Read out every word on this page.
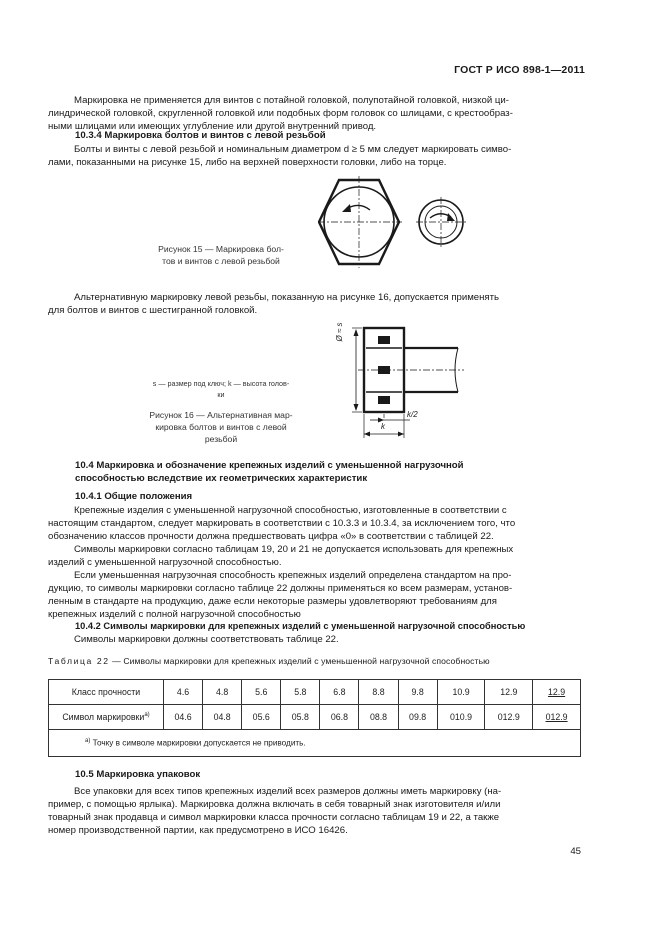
ГОСТ Р ИСО 898-1—2011
Маркировка не применяется для винтов с потайной головкой, полупотайной головкой, низкой ци-
линдрической головкой, скругленной головкой или подобных форм головок со шлицами, с крестообраз-
ными шлицами или имеющих углубление или другой внутренний привод.
10.3.4 Маркировка болтов и винтов с левой резьбой
Болты и винты с левой резьбой и номинальным диаметром d ≥ 5 мм следует маркировать симво-
лами, показанными на рисунке 15, либо на верхней поверхности головки, либо на торце.
Рисунок 15 — Маркировка бол-
тов и винтов с левой резьбой
Альтернативную маркировку левой резьбы, показанную на рисунке 16, допускается применять
для болтов и винтов с шестигранной головкой.
Ø ≈ s
k/2
k
s — размер под ключ; k — высота голов-
ки
Рисунок 16 — Альтернативная мар-
кировка болтов и винтов с левой
резьбой
10.4 Маркировка и обозначение крепежных изделий с уменьшенной нагрузочной
способностью вследствие их геометрических характеристик
10.4.1 Общие положения
Крепежные изделия с уменьшенной нагрузочной способностью, изготовленные в соответствии с
настоящим стандартом, следует маркировать в соответствии с 10.3.3 и 10.3.4, за исключением того, что
обозначению классов прочности должна предшествовать цифра «0» в соответствии с таблицей 22.
Символы маркировки согласно таблицам 19, 20 и 21 не допускается использовать для крепежных
изделий с уменьшенной нагрузочной способностью.
Если уменьшенная нагрузочная способность крепежных изделий определена стандартом на про-
дукцию, то символы маркировки согласно таблице 22 должны применяться ко всем размерам, установ-
ленным в стандарте на продукцию, даже если некоторые размеры удовлетворяют требованиям для
крепежных изделий с полной нагрузочной способностью
10.4.2 Символы маркировки для крепежных изделий с уменьшенной нагрузочной способностью
Символы маркировки должны соответствовать таблице 22.
Таблица 22 — Символы маркировки для крепежных изделий с уменьшенной нагрузочной способностью
Класс прочности	4.6	4.8	5.6	5.8	6.8	8.8	9.8	10.9	12.9	12.9
Символ маркировки$^{a)}$	04.6	04.8	05.6	05.8	06.8	08.8	09.8	010.9	012.9	012.9
$^{a)}$ Точку в символе маркировки допускается не приводить.										
10.5 Маркировка упаковок
Все упаковки для всех типов крепежных изделий всех размеров должны иметь маркировку (на-
пример, с помощью ярлыка). Маркировка должна включать в себя товарный знак изготовителя и/или
товарный знак продавца и символ маркировки класса прочности согласно таблицам 19 и 22, а также
номер производственной партии, как предусмотрено в ИСО 16426.
45
